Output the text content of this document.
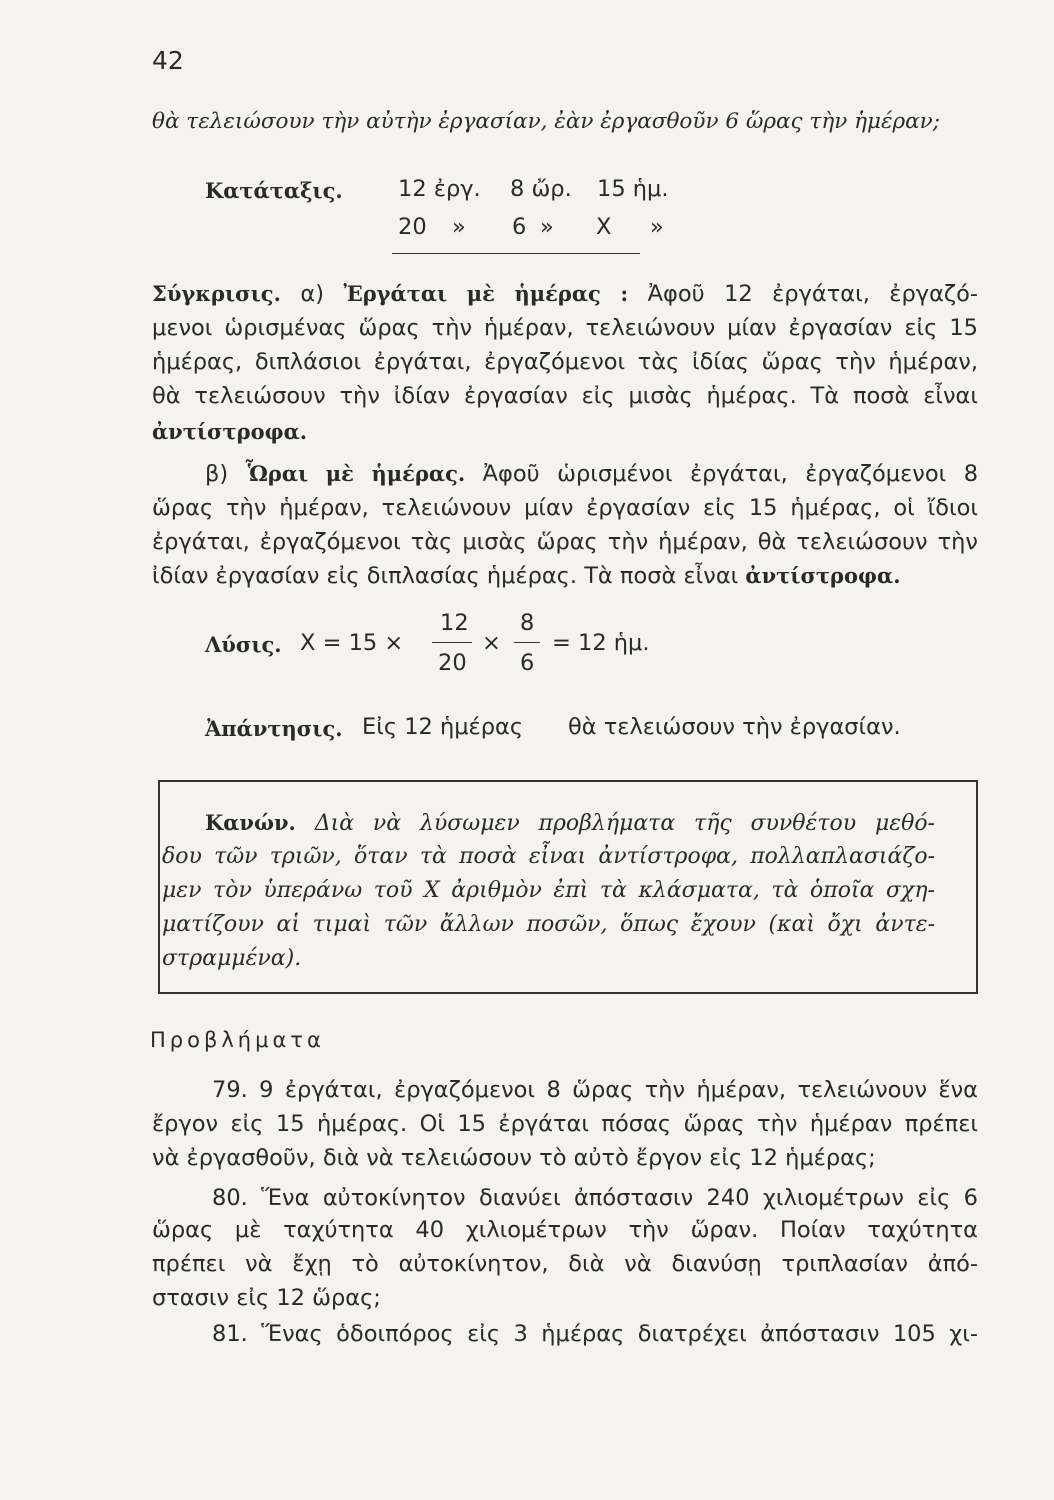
42
θὰ τελειώσουν τὴν αὐτὴν ἐργασίαν, ἐὰν ἐργασθοῦν 6 ὥρας τὴν ἡμέραν;
Κατάταξις. 12 ἐργ. 8 ὤρ. 15 ἡμ.
20 » 6 » X »
Σύγκρισις. α) Ἐργάται μὲ ἡμέρας : Ἀφοῦ 12 ἐργάται, ἐργαζό-
μενοι ὡρισμένας ὥρας τὴν ἡμέραν, τελειώνουν μίαν ἐργασίαν εἰς 15
ἡμέρας, διπλάσιοι ἐργάται, ἐργαζόμενοι τὰς ἰδίας ὥρας τὴν ἡμέραν,
θὰ τελειώσουν τὴν ἰδίαν ἐργασίαν εἰς μισὰς ἡμέρας. Τὰ ποσὰ εἶναι
ἀντίστροφα.
β) Ὧραι μὲ ἡμέρας. Ἀφοῦ ὡρισμένοι ἐργάται, ἐργαζόμενοι 8
ὥρας τὴν ἡμέραν, τελειώνουν μίαν ἐργασίαν εἰς 15 ἡμέρας, οἱ ἴδιοι
ἐργάται, ἐργαζόμενοι τὰς μισὰς ὥρας τὴν ἡμέραν, θὰ τελειώσουν τὴν
ἰδίαν ἐργασίαν εἰς διπλασίας ἡμέρας. Τὰ ποσὰ εἶναι ἀντίστροφα.
Λύσις. X = 15 ×
12
20
×
8
6
= 12 ἡμ.
Ἀπάντησις. Εἰς 12 ἡμέρας θὰ τελειώσουν τὴν ἐργασίαν.
Κανών. Διὰ νὰ λύσωμεν προβλήματα τῆς συνθέτου μεθό-
δου τῶν τριῶν, ὅταν τὰ ποσὰ εἶναι ἀντίστροφα, πολλαπλασιάζο-
μεν τὸν ὑπεράνω τοῦ X ἀριθμὸν ἐπὶ τὰ κλάσματα, τὰ ὁποῖα σχη-
ματίζουν αἱ τιμαὶ τῶν ἄλλων ποσῶν, ὅπως ἔχουν (καὶ ὄχι ἀντε-
στραμμένα).
Προβλήματα
79. 9 ἐργάται, ἐργαζόμενοι 8 ὥρας τὴν ἡμέραν, τελειώνουν ἕνα
ἔργον εἰς 15 ἡμέρας. Οἱ 15 ἐργάται πόσας ὥρας τὴν ἡμέραν πρέπει
νὰ ἐργασθοῦν, διὰ νὰ τελειώσουν τὸ αὐτὸ ἔργον εἰς 12 ἡμέρας;
80. Ἕνα αὐτοκίνητον διανύει ἀπόστασιν 240 χιλιομέτρων εἰς 6
ὥρας μὲ ταχύτητα 40 χιλιομέτρων τὴν ὥραν. Ποίαν ταχύτητα
πρέπει νὰ ἔχῃ τὸ αὐτοκίνητον, διὰ νὰ διανύσῃ τριπλασίαν ἀπό-
στασιν εἰς 12 ὥρας;
81. Ἕνας ὁδοιπόρος εἰς 3 ἡμέρας διατρέχει ἀπόστασιν 105 χι-
